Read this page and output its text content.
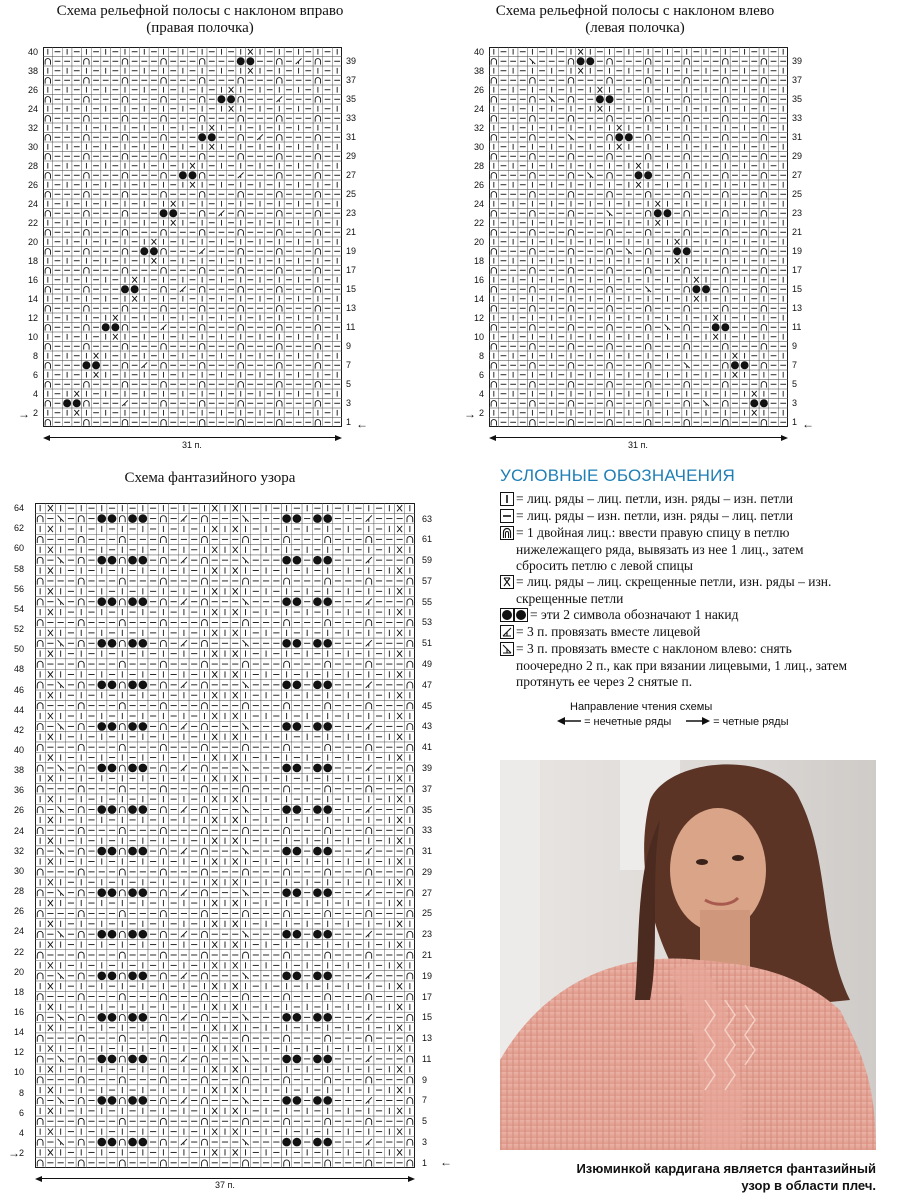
Схема рельефной полосы с наклоном вправо
(правая полочка)
40
38
26
24
32
30
28
26
24
22
20
18
16
14
12
10
8
6
4
2
39
37
35
33
31
29
27
25
23
21
19
17
15
13
11
9
7
5
3
1
→
←
31 п.
Схема рельефной полосы с наклоном влево
(левая полочка)
40
38
26
24
32
30
28
26
24
22
20
18
16
14
12
10
8
6
4
2
39
37
35
33
31
29
27
25
23
21
19
17
15
13
11
9
7
5
3
1
→
←
31 п.
Схема фантазийного узора
64
62
60
58
56
54
52
50
48
46
44
42
40
38
36
26
24
32
30
28
26
24
22
20
18
16
14
12
10
8
6
4
2
63
61
59
57
55
53
51
49
47
45
43
41
39
37
35
33
31
29
27
25
23
21
19
17
15
13
11
9
7
5
3
1
→
←
37 п.
УСЛОВНЫЕ ОБОЗНАЧЕНИЯ
= лиц. ряды – лиц. петли, изн. ряды – изн. петли
= лиц. ряды – изн. петли, изн. ряды – лиц. петли
= 1 двойная лиц.: ввести правую спицу в петлю нижележащего ряда, вывязать из нее 1 лиц., затем сбросить петлю с левой спицы
= лиц. ряды – лиц. скрещенные петли, изн. ряды – изн. скрещенные петли
= эти 2 символа обозначают 1 накид
= 3 п. провязать вместе лицевой
= 3 п. провязать вместе с наклоном влево: снять поочередно 2 п., как при вязании лицевыми, 1 лиц., затем протянуть ее через 2 снятые п.
Направление чтения схемы
= нечетные ряды	= четные ряды
Изюминкой кардигана является фантазийный узор в области плеч.
